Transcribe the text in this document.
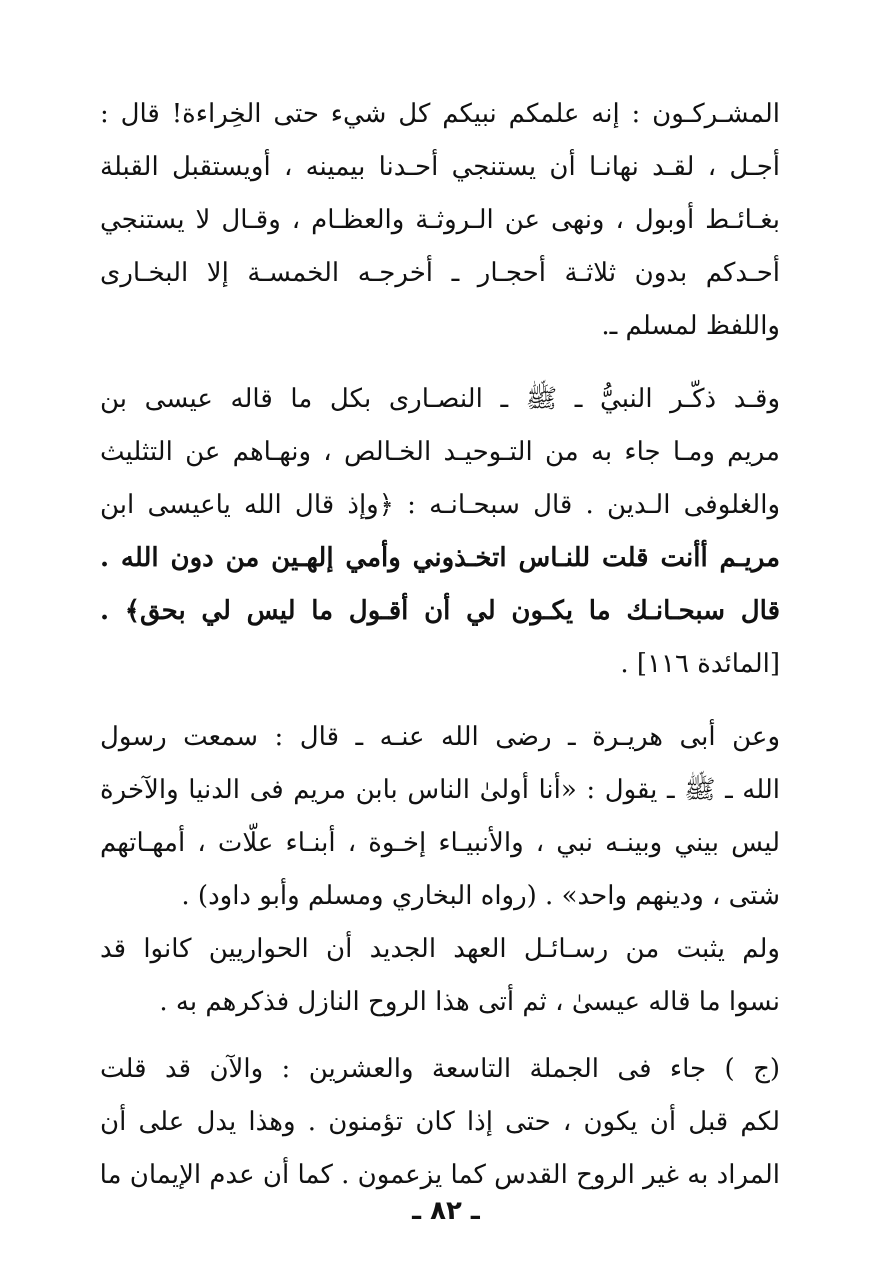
المشـركـون : إنه علمكم نبيكم كل شيء حتى الخِراءة! قال :
أجـل ، لقـد نهانـا أن يستنجي أحـدنا بيمينه ، أويستقبل القبلة
بغـائـط أوبول ، ونهى عن الـروثـة والعظـام ، وقـال لا يستنجي
أحـدكم بدون ثلاثـة أحجـار ـ أخرجـه الخمسـة إلا البخـارى
واللفظ لمسلم ـ.
وقـد ذكّـر النبيُّ ـ ﷺ ـ النصـارى بكل ما قاله عيسى بن
مريم ومـا جاء به من التـوحيـد الخـالص ، ونهـاهم عن التثليث
والغلوفى الـدين . قال سبحـانـه : ﴿وإذ قال الله ياعيسى ابن
مريـم أأنت قلت للنـاس اتخـذوني وأمي إلهـين من دون الله .
قال سبحـانـك ما يكـون لي أن أقـول ما ليس لي بحق﴾ .
[المائدة ١١٦] .
وعن أبى هريـرة ـ رضى الله عنـه ـ قال : سمعت رسول
الله ـ ﷺ ـ يقول : «أنا أولىٰ الناس بابن مريم فى الدنيا والآخرة
ليس بيني وبينـه نبي ، والأنبيـاء إخـوة ، أبنـاء علّات ، أمهـاتهم
شتى ، ودينهم واحد» . (رواه البخاري ومسلم وأبو داود) .
ولم يثبت من رسـائـل العهد الجديد أن الحواريين كانوا قد
نسوا ما قاله عيسىٰ ، ثم أتى هذا الروح النازل فذكرهم به .
(ج ) جاء فى الجملة التاسعة والعشرين : والآن قد قلت
لكم قبل أن يكون ، حتى إذا كان تؤمنون . وهذا يدل على أن
المراد به غير الروح القدس كما يزعمون . كما أن عدم الإيمان ما
ـ ٨٢ ـ
